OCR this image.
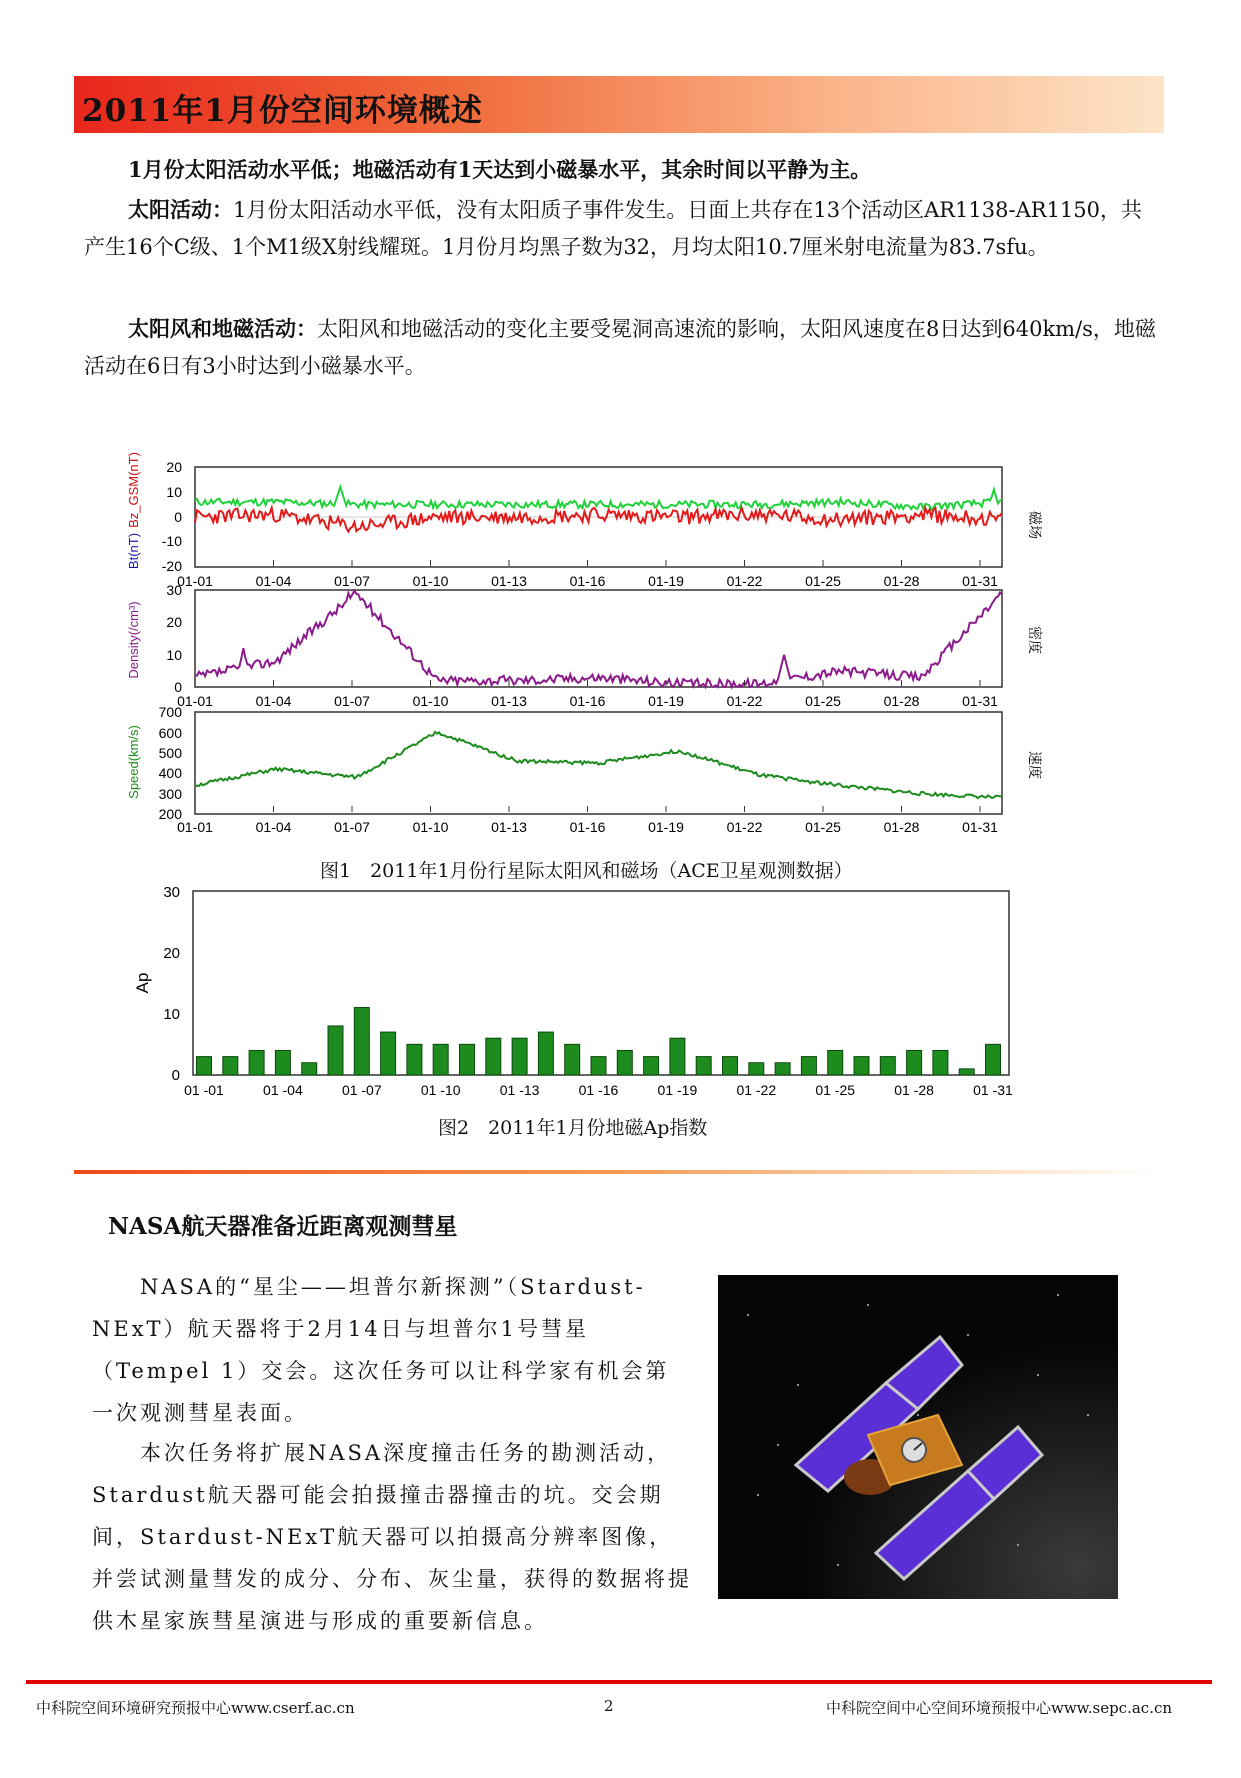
2011年1月份空间环境概述

1月份太阳活动水平低；地磁活动有1天达到小磁暴水平，其余时间以平静为主。

太阳活动：1月份太阳活动水平低，没有太阳质子事件发生。日面上共存在13个活动区AR1138-AR1150，共产生16个C级、1个M1级X射线耀斑。1月份月均黑子数为32，月均太阳10.7厘米射电流量为83.7sfu。

太阳风和地磁活动：太阳风和地磁活动的变化主要受冕洞高速流的影响，太阳风速度在8日达到640km/s，地磁活动在6日有3小时达到小磁暴水平。

20
10
0
-10
-20
Bt(nT)
Bz_GSM(nT)	磁场
01-01	01-04	01-07	01-10	01-13	01-16	01-19	01-22	01-25	01-28	01-31
30
20
10
0
Density(/cm³)	密度
01-01	01-04	01-07	01-10	01-13	01-16	01-19	01-22	01-25	01-28	01-31
700
600
500
400
300
200
Speed(km/s)	速度
01-01	01-04	01-07	01-10	01-13	01-16	01-19	01-22	01-25	01-28	01-31
图1　2011年1月份行星际太阳风和磁场（ACE卫星观测数据）
30
20
10
0
Ap
01 -01	01 -04	01 -07	01 -10	01 -13	01 -16	01 -19	01 -22	01 -25	01 -28	01 -31
图2　2011年1月份地磁Ap指数
NASA航天器准备近距离观测彗星

NASA的“星尘——坦普尔新探测”（Stardust-NExT）航天器将于2月14日与坦普尔1号彗星（Tempel 1）交会。这次任务可以让科学家有机会第一次观测彗星表面。

本次任务将扩展NASA深度撞击任务的勘测活动，Stardust航天器可能会拍摄撞击器撞击的坑。交会期间，Stardust-NExT航天器可以拍摄高分辨率图像，并尝试测量彗发的成分、分布、灰尘量，获得的数据将提供木星家族彗星演进与形成的重要新信息。

中科院空间环境研究预报中心www.cserf.ac.cn	2	中科院空间中心空间环境预报中心www.sepc.ac.cn
